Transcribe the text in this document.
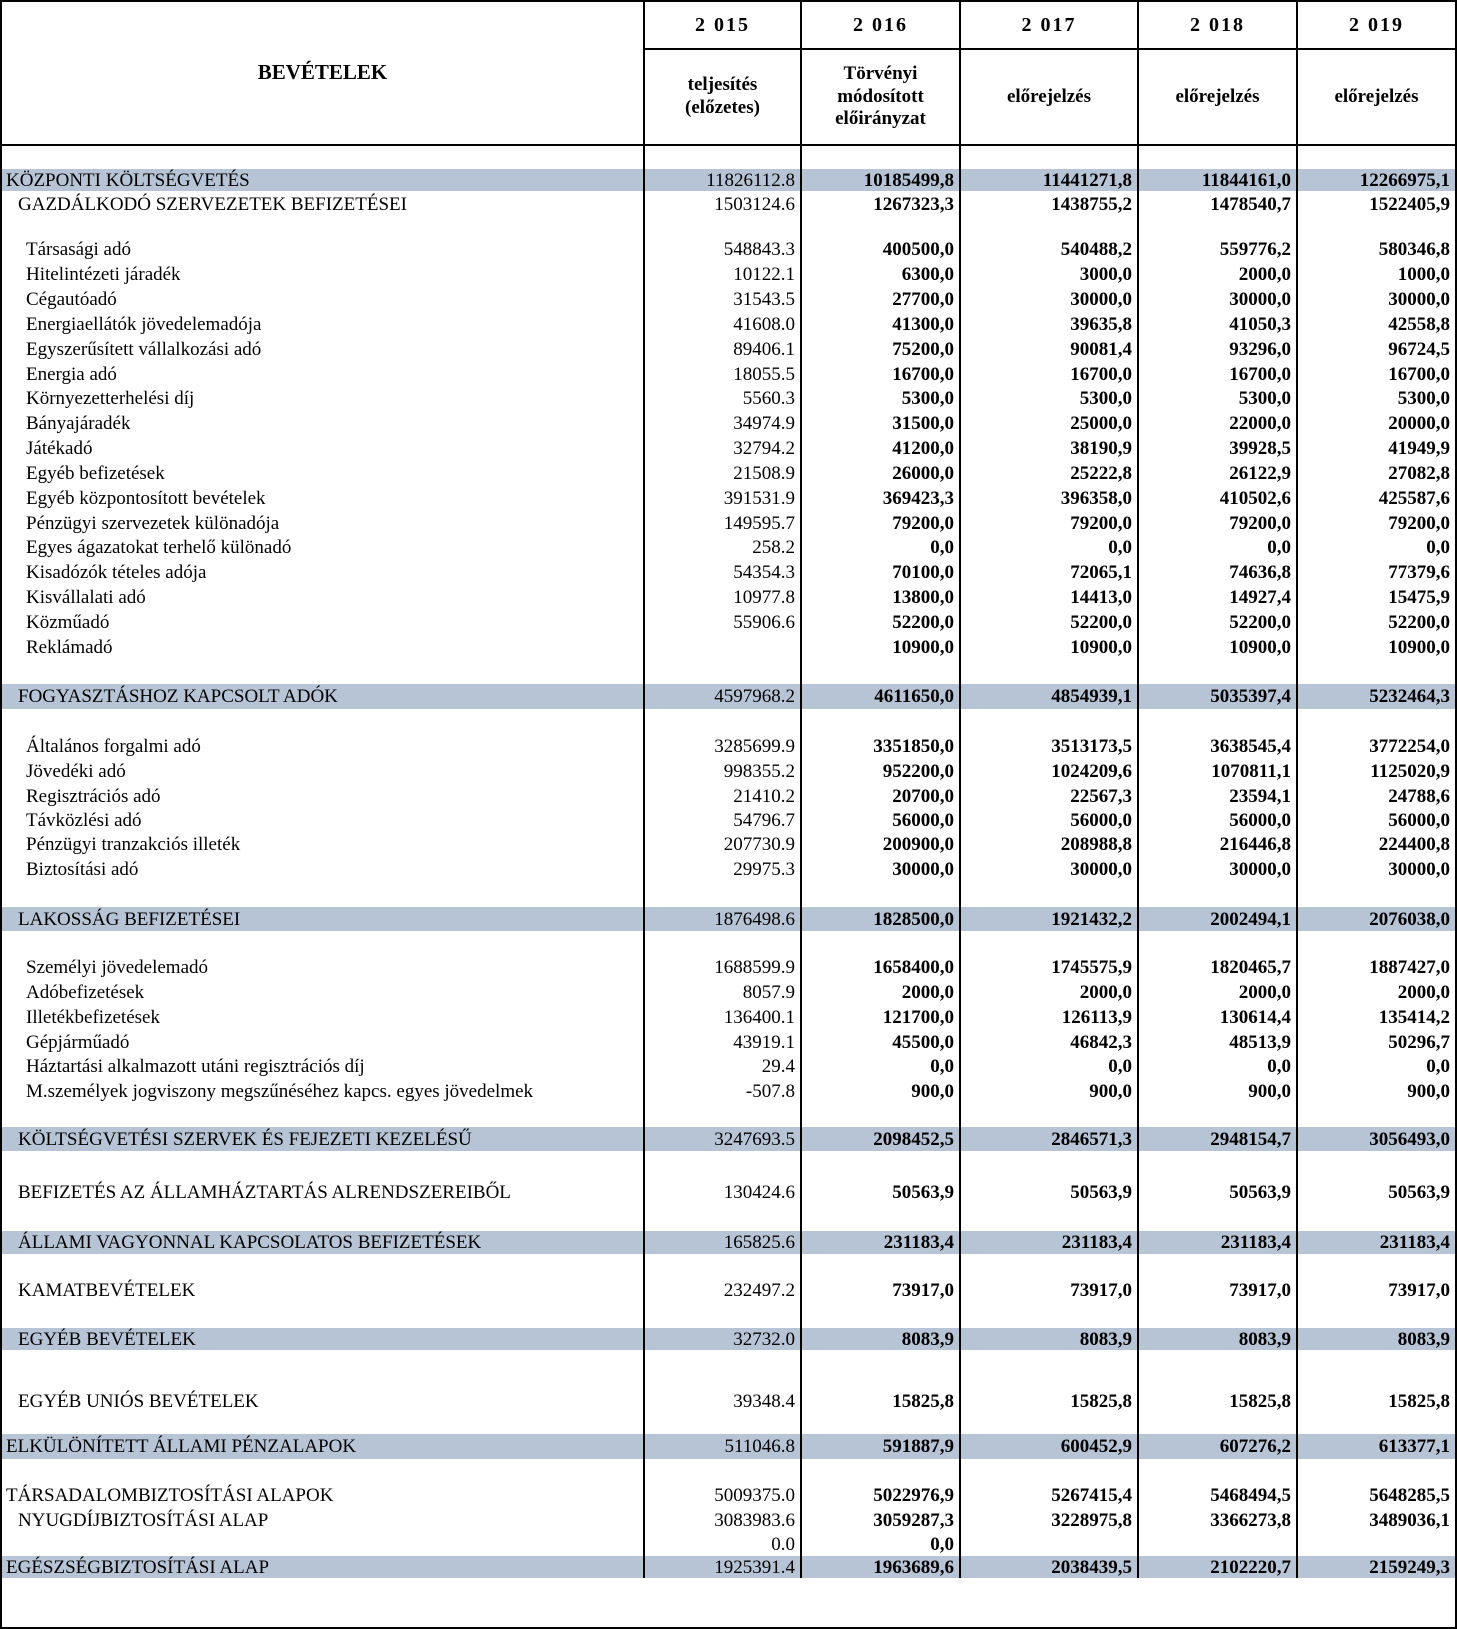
BEVÉTELEK	2 015	2 016	2 017	2 018	2 019
	teljesítés (előzetes)	Törvényi módosított előirányzat	előrejelzés	előrejelzés	előrejelzés

KÖZPONTI KÖLTSÉGVETÉS	11826112.8	10185499,8	11441271,8	11844161,0	12266975,1
GAZDÁLKODÓ SZERVEZETEK BEFIZETÉSEI	1503124.6	1267323,3	1438755,2	1478540,7	1522405,9

Társasági adó	548843.3	400500,0	540488,2	559776,2	580346,8
Hitelintézeti járadék	10122.1	6300,0	3000,0	2000,0	1000,0
Cégautóadó	31543.5	27700,0	30000,0	30000,0	30000,0
Energiaellátók jövedelemadója	41608.0	41300,0	39635,8	41050,3	42558,8
Egyszerűsített vállalkozási adó	89406.1	75200,0	90081,4	93296,0	96724,5
Energia adó	18055.5	16700,0	16700,0	16700,0	16700,0
Környezetterhelési díj	5560.3	5300,0	5300,0	5300,0	5300,0
Bányajáradék	34974.9	31500,0	25000,0	22000,0	20000,0
Játékadó	32794.2	41200,0	38190,9	39928,5	41949,9
Egyéb befizetések	21508.9	26000,0	25222,8	26122,9	27082,8
Egyéb központosított bevételek	391531.9	369423,3	396358,0	410502,6	425587,6
Pénzügyi szervezetek különadója	149595.7	79200,0	79200,0	79200,0	79200,0
Egyes ágazatokat terhelő különadó	258.2	0,0	0,0	0,0	0,0
Kisadózók tételes adója	54354.3	70100,0	72065,1	74636,8	77379,6
Kisvállalati adó	10977.8	13800,0	14413,0	14927,4	15475,9
Közműadó	55906.6	52200,0	52200,0	52200,0	52200,0
Reklámadó		10900,0	10900,0	10900,0	10900,0

FOGYASZTÁSHOZ KAPCSOLT ADÓK	4597968.2	4611650,0	4854939,1	5035397,4	5232464,3

Általános forgalmi adó	3285699.9	3351850,0	3513173,5	3638545,4	3772254,0
Jövedéki adó	998355.2	952200,0	1024209,6	1070811,1	1125020,9
Regisztrációs adó	21410.2	20700,0	22567,3	23594,1	24788,6
Távközlési adó	54796.7	56000,0	56000,0	56000,0	56000,0
Pénzügyi tranzakciós illeték	207730.9	200900,0	208988,8	216446,8	224400,8
Biztosítási adó	29975.3	30000,0	30000,0	30000,0	30000,0

LAKOSSÁG BEFIZETÉSEI	1876498.6	1828500,0	1921432,2	2002494,1	2076038,0

Személyi jövedelemadó	1688599.9	1658400,0	1745575,9	1820465,7	1887427,0
Adóbefizetések	8057.9	2000,0	2000,0	2000,0	2000,0
Illetékbefizetések	136400.1	121700,0	126113,9	130614,4	135414,2
Gépjárműadó	43919.1	45500,0	46842,3	48513,9	50296,7
Háztartási alkalmazott utáni regisztrációs díj	29.4	0,0	0,0	0,0	0,0
M.személyek jogviszony megszűnéséhez kapcs. egyes jövedelmek	-507.8	900,0	900,0	900,0	900,0

KÖLTSÉGVETÉSI SZERVEK ÉS FEJEZETI KEZELÉSŰ	3247693.5	2098452,5	2846571,3	2948154,7	3056493,0

BEFIZETÉS AZ ÁLLAMHÁZTARTÁS ALRENDSZEREIBŐL	130424.6	50563,9	50563,9	50563,9	50563,9

ÁLLAMI VAGYONNAL KAPCSOLATOS BEFIZETÉSEK	165825.6	231183,4	231183,4	231183,4	231183,4

KAMATBEVÉTELEK	232497.2	73917,0	73917,0	73917,0	73917,0

EGYÉB BEVÉTELEK	32732.0	8083,9	8083,9	8083,9	8083,9

EGYÉB UNIÓS BEVÉTELEK	39348.4	15825,8	15825,8	15825,8	15825,8

ELKÜLÖNÍTETT ÁLLAMI PÉNZALAPOK	511046.8	591887,9	600452,9	607276,2	613377,1

TÁRSADALOMBIZTOSÍTÁSI ALAPOK	5009375.0	5022976,9	5267415,4	5468494,5	5648285,5
NYUGDÍJBIZTOSÍTÁSI ALAP	3083983.6	3059287,3	3228975,8	3366273,8	3489036,1
	0.0	0,0			
EGÉSZSÉGBIZTOSÍTÁSI ALAP	1925391.4	1963689,6	2038439,5	2102220,7	2159249,3
